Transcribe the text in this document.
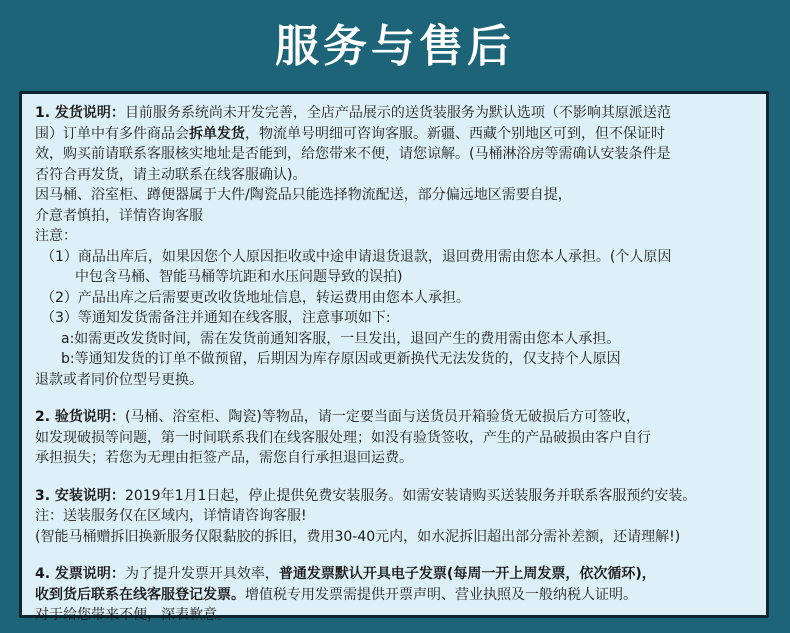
服务与售后

1. 发货说明：目前服务系统尚未开发完善，全店产品展示的送货装服务为默认选项（不影响其原派送范

围）订单中有多件商品会拆单发货，物流单号明细可咨询客服。新疆、西藏个别地区可到，但不保证时

效，购买前请联系客服核实地址是否能到，给您带来不便，请您谅解。(马桶淋浴房等需确认安装条件是

否符合再发货，请主动联系在线客服确认)。

因马桶、浴室柜、蹲便器属于大件/陶瓷品只能选择物流配送，部分偏远地区需要自提，

介意者慎拍，详情咨询客服

注意：

（1）商品出库后，如果因您个人原因拒收或中途申请退货退款，退回费用需由您本人承担。(个人原因

中包含马桶、智能马桶等坑距和水压问题导致的误拍)

（2）产品出库之后需要更改收货地址信息，转运费用由您本人承担。

（3）等通知发货需备注并通知在线客服，注意事项如下:

a:如需更改发货时间，需在发货前通知客服，一旦发出，退回产生的费用需由您本人承担。

b:等通知发货的订单不做预留，后期因为库存原因或更新换代无法发货的，仅支持个人原因

退款或者同价位型号更换。

2. 验货说明：(马桶、浴室柜、陶瓷)等物品，请一定要当面与送货员开箱验货无破损后方可签收，

如发现破损等问题，第一时间联系我们在线客服处理；如没有验货签收，产生的产品破损由客户自行

承担损失；若您为无理由拒签产品，需您自行承担退回运费。

3. 安装说明：2019年1月1日起，停止提供免费安装服务。如需安装请购买送装服务并联系客服预约安装。

注：送装服务仅在区域内，详情请咨询客服!

(智能马桶赠拆旧换新服务仅限黏胶的拆旧，费用30-40元内，如水泥拆旧超出部分需补差额，还请理解!)

4. 发票说明：为了提升发票开具效率，普通发票默认开具电子发票(每周一开上周发票，依次循环)，

收到货后联系在线客服登记发票。增值税专用发票需提供开票声明、营业执照及一般纳税人证明。

对于给您带来不便，深表歉意。
